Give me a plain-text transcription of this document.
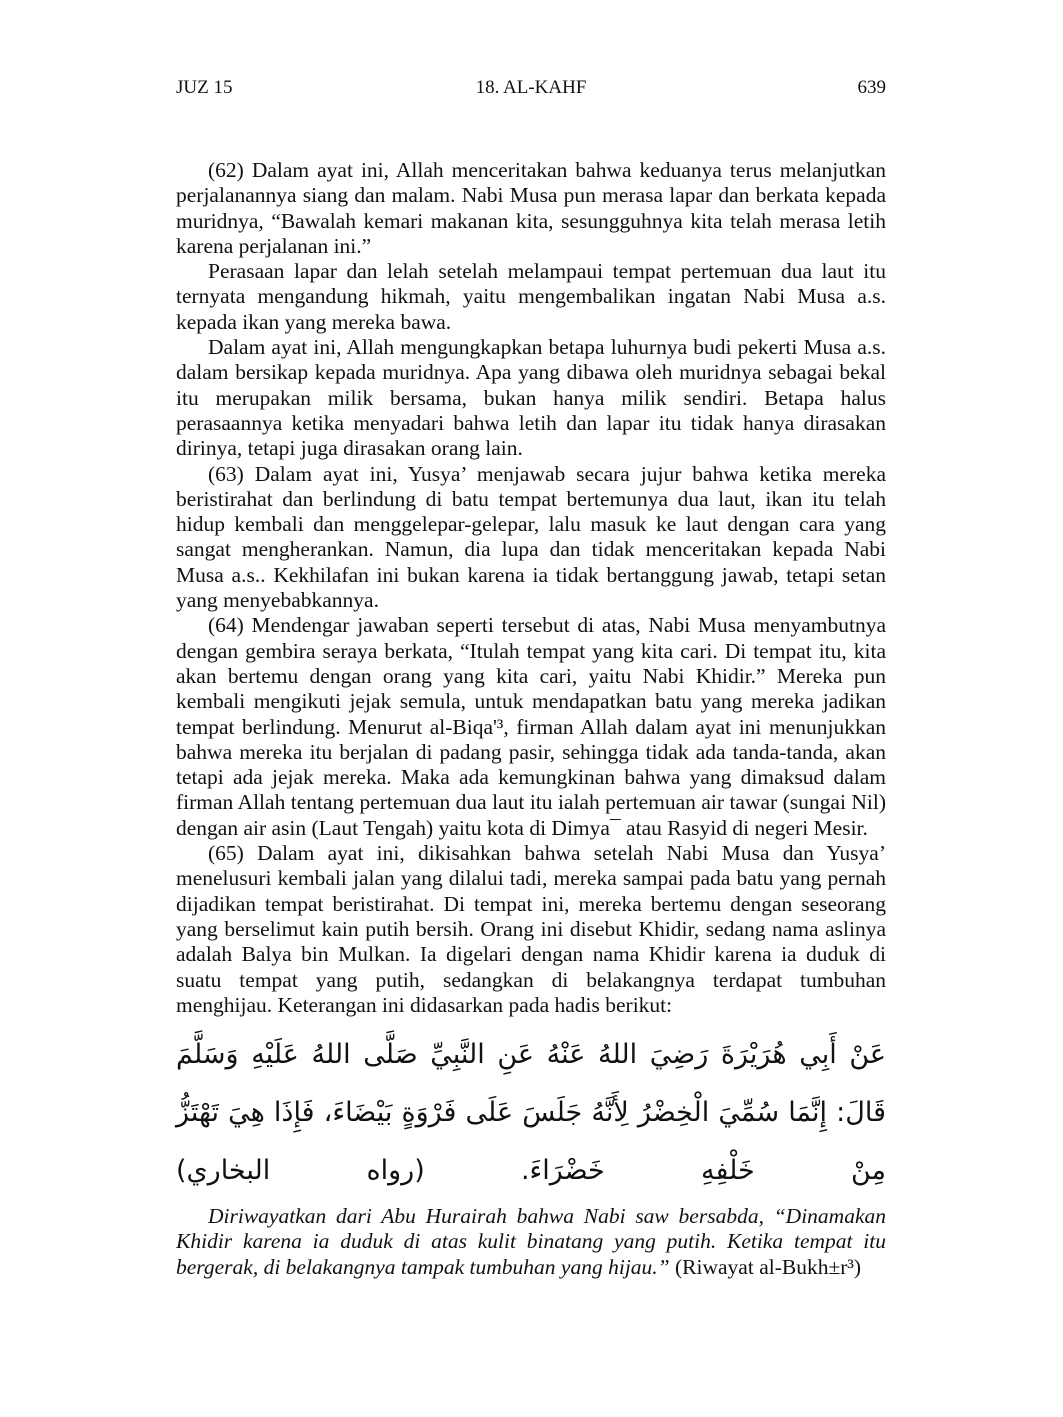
JUZ 15	18. AL-KAHF	639

(62) Dalam ayat ini, Allah menceritakan bahwa keduanya terus melanjutkan perjalanannya siang dan malam. Nabi Musa pun merasa lapar dan berkata kepada muridnya, “Bawalah kemari makanan kita, sesungguhnya kita telah merasa letih karena perjalanan ini.”

Perasaan lapar dan lelah setelah melampaui tempat pertemuan dua laut itu ternyata mengandung hikmah, yaitu mengembalikan ingatan Nabi Musa a.s. kepada ikan yang mereka bawa.

Dalam ayat ini, Allah mengungkapkan betapa luhurnya budi pekerti Musa a.s. dalam bersikap kepada muridnya. Apa yang dibawa oleh muridnya sebagai bekal itu merupakan milik bersama, bukan hanya milik sendiri. Betapa halus perasaannya ketika menyadari bahwa letih dan lapar itu tidak hanya dirasakan dirinya, tetapi juga dirasakan orang lain.

(63) Dalam ayat ini, Yusya’ menjawab secara jujur bahwa ketika mereka beristirahat dan berlindung di batu tempat bertemunya dua laut, ikan itu telah hidup kembali dan menggelepar-gelepar, lalu masuk ke laut dengan cara yang sangat mengherankan. Namun, dia lupa dan tidak menceritakan kepada Nabi Musa a.s.. Kekhilafan ini bukan karena ia tidak bertanggung jawab, tetapi setan yang menyebabkannya.

(64) Mendengar jawaban seperti tersebut di atas, Nabi Musa menyambutnya dengan gembira seraya berkata, “Itulah tempat yang kita cari. Di tempat itu, kita akan bertemu dengan orang yang kita cari, yaitu Nabi Khidir.” Mereka pun kembali mengikuti jejak semula, untuk mendapatkan batu yang mereka jadikan tempat berlindung. Menurut al-Biqa'³, firman Allah dalam ayat ini menunjukkan bahwa mereka itu berjalan di padang pasir, sehingga tidak ada tanda-tanda, akan tetapi ada jejak mereka. Maka ada kemungkinan bahwa yang dimaksud dalam firman Allah tentang pertemuan dua laut itu ialah pertemuan air tawar (sungai Nil) dengan air asin (Laut Tengah) yaitu kota di Dimya¯ atau Rasyid di negeri Mesir.

(65) Dalam ayat ini, dikisahkan bahwa setelah Nabi Musa dan Yusya’ menelusuri kembali jalan yang dilalui tadi, mereka sampai pada batu yang pernah dijadikan tempat beristirahat. Di tempat ini, mereka bertemu dengan seseorang yang berselimut kain putih bersih. Orang ini disebut Khidir, sedang nama aslinya adalah Balya bin Mulkan. Ia digelari dengan nama Khidir karena ia duduk di suatu tempat yang putih, sedangkan di belakangnya terdapat tumbuhan menghijau. Keterangan ini didasarkan pada hadis berikut:

عَنْ أَبِي هُرَيْرَةَ رَضِيَ اللهُ عَنْهُ عَنِ النَّبِيِّ صَلَّى اللهُ عَلَيْهِ وَسَلَّمَ قَالَ: إِنَّمَا سُمِّيَ الْخِضْرُ لِأَنَّهُ جَلَسَ عَلَى فَرْوَةٍ بَيْضَاءَ، فَإِذَا هِيَ تَهْتَزُّ مِنْ خَلْفِهِ خَضْرَاءَ. (رواه البخاري)

Diriwayatkan dari Abu Hurairah bahwa Nabi saw bersabda, “Dinamakan Khidir karena ia duduk di atas kulit binatang yang putih. Ketika tempat itu bergerak, di belakangnya tampak tumbuhan yang hijau.” (Riwayat al-Bukh±r³)
